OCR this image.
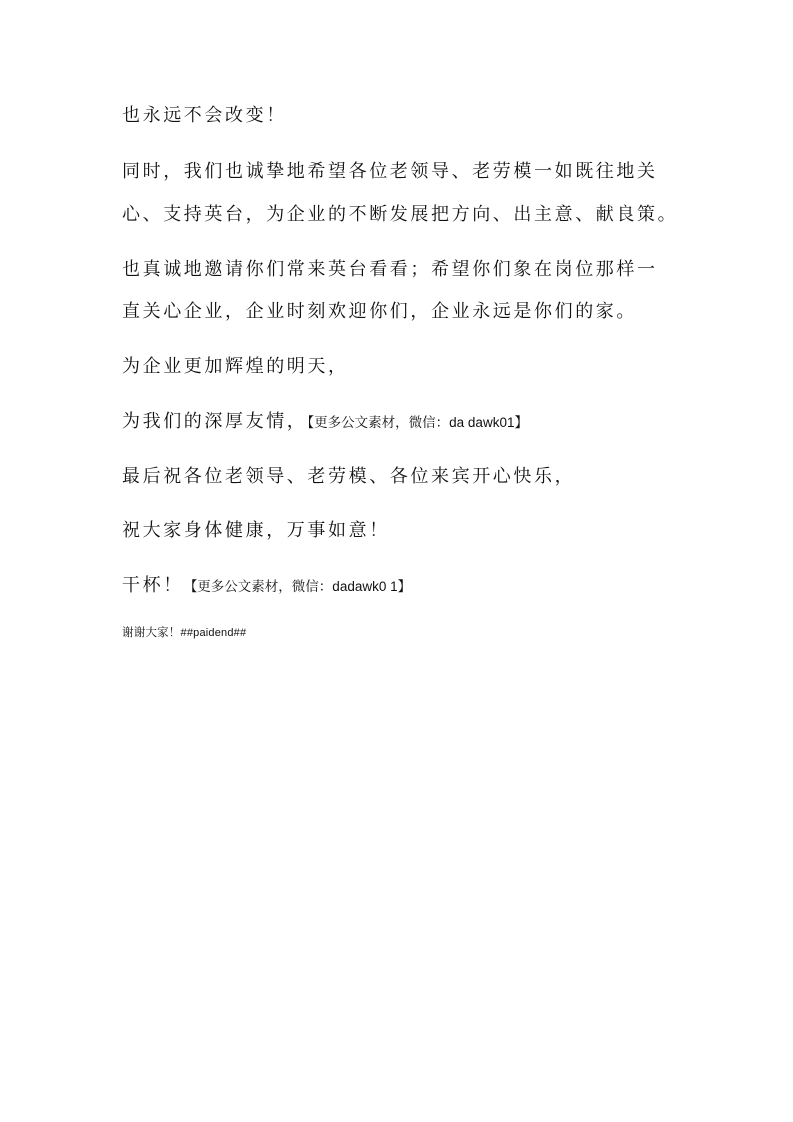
也永远不会改变！
同时，我们也诚挚地希望各位老领导、老劳模一如既往地关
心、支持英台，为企业的不断发展把方向、出主意、献良策。
也真诚地邀请你们常来英台看看；希望你们象在岗位那样一
直关心企业，企业时刻欢迎你们，企业永远是你们的家。
为企业更加辉煌的明天，
为我们的深厚友情，【更多公文素材，微信：da dawk01】
最后祝各位老领导、老劳模、各位来宾开心快乐，
祝大家身体健康，万事如意！
干杯！【更多公文素材，微信：dadawk0 1】
谢谢大家！##paidend##
